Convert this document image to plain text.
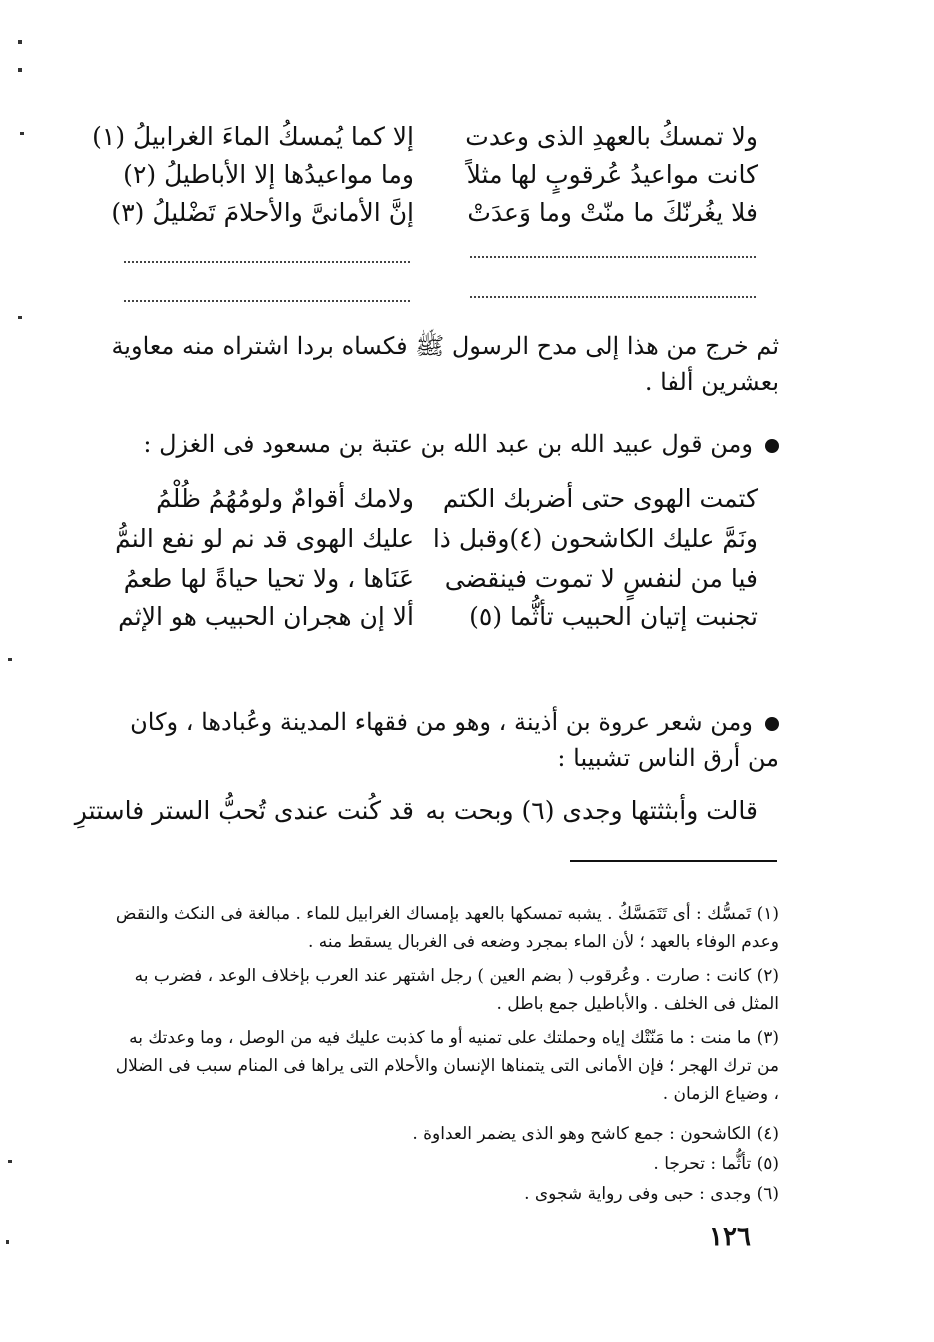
ولا تمسكُ بالعهدِ الذى وعدت
إلا كما يُمسكُ الماءَ الغرابيلُ (١)
كانت مواعيدُ عُرقوبٍ لها مثلاً
وما مواعيدُها إلا الأباطيلُ (٢)
فلا يغُرنّكَ ما منّتْ وما وَعدَتْ
إنَّ الأمانىَّ والأحلامَ تَضْليلُ (٣)
ثم خرج من هذا إلى مدح الرسول ﷺ فكساه بردا اشتراه منه معاوية بعشرين ألفا .
ومن قول عبيد الله بن عبد الله بن عتبة بن مسعود فى الغزل :
كتمت الهوى حتى أضربك الكتم
ولامك أقوامٌ ولومُهُمُ ظُلْمُ
ونَمَّ عليك الكاشحون (٤)وقبل ذا
عليك الهوى قد نم لو نفع النمُّ
فيا من لنفسٍ لا تموت فينقضى
عَنَاها ، ولا تحيا حياةً لها طعمُ
تجنبت إتيان الحبيب تأثُّما (٥)
ألا إن هجران الحبيب هو الإثم
ومن شعر عروة بن أذينة ، وهو من فقهاء المدينة وعُبادها ، وكان من أرق الناس تشبيبا :
قالت وأبثثتها وجدى (٦) وبحت به
قد كُنت عندى تُحبُّ الستر فاستترِ
(١) تَمسُّك : أى تَتَمَسَّكُ . يشبه تمسكها بالعهد بإمساك الغرابيل للماء . مبالغة فى النكث والنقض وعدم الوفاء بالعهد ؛ لأن الماء بمجرد وضعه فى الغربال يسقط منه .
(٢) كانت : صارت . وعُرقوب ( بضم العين ) رجل اشتهر عند العرب بإخلاف الوعد ، فضرب به المثل فى الخلف . والأباطيل جمع باطل .
(٣) ما منت : ما مَنّتْك إياه وحملتك على تمنيه أو ما كذبت عليك فيه من الوصل ، وما وعدتك به من ترك الهجر ؛ فإن الأمانى التى يتمناها الإنسان والأحلام التى يراها فى المنام سبب فى الضلال ، وضياع الزمان .
(٤) الكاشحون : جمع كاشح وهو الذى يضمر العداوة .
(٥) تأثُّما : تحرجا .
(٦) وجدى : حبى وفى رواية شجوى .
١٢٦
